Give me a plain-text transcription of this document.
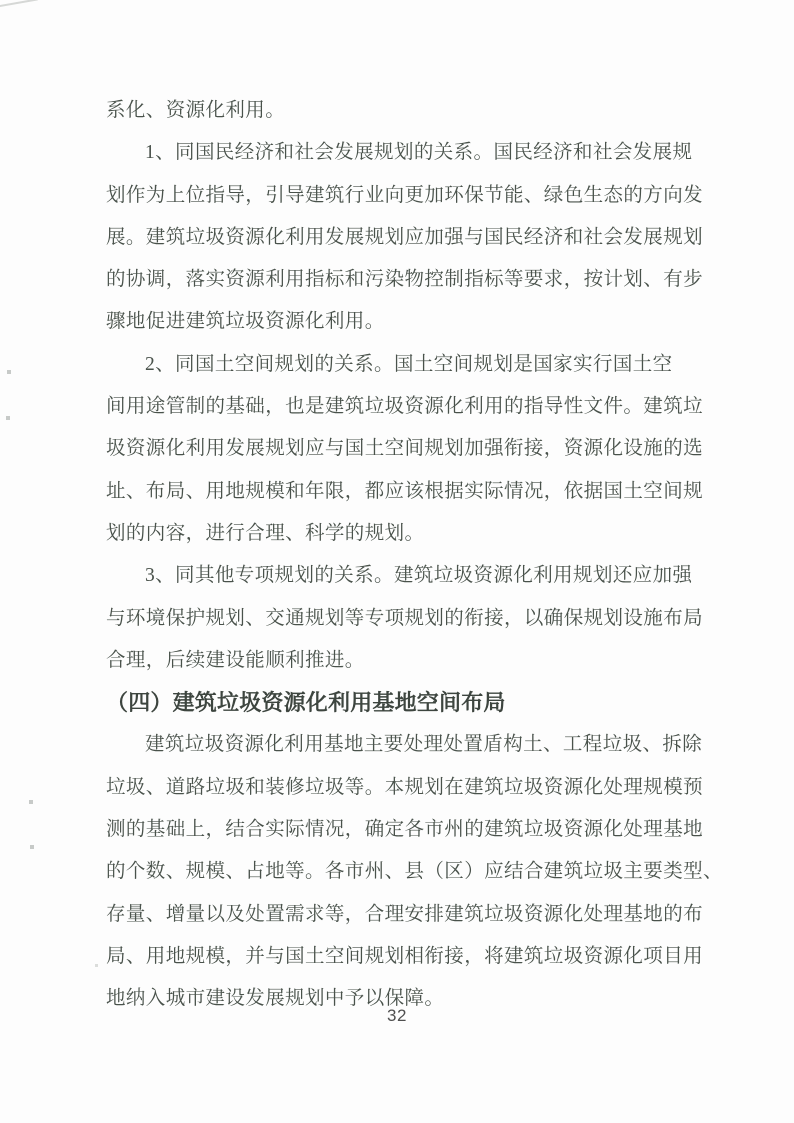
系化、资源化利用。
1、同国民经济和社会发展规划的关系。国民经济和社会发展规
划作为上位指导，引导建筑行业向更加环保节能、绿色生态的方向发
展。建筑垃圾资源化利用发展规划应加强与国民经济和社会发展规划
的协调，落实资源利用指标和污染物控制指标等要求，按计划、有步
骤地促进建筑垃圾资源化利用。
2、同国土空间规划的关系。国土空间规划是国家实行国土空
间用途管制的基础，也是建筑垃圾资源化利用的指导性文件。建筑垃
圾资源化利用发展规划应与国土空间规划加强衔接，资源化设施的选
址、布局、用地规模和年限，都应该根据实际情况，依据国土空间规
划的内容，进行合理、科学的规划。
3、同其他专项规划的关系。建筑垃圾资源化利用规划还应加强
与环境保护规划、交通规划等专项规划的衔接，以确保规划设施布局
合理，后续建设能顺利推进。
（四）建筑垃圾资源化利用基地空间布局
建筑垃圾资源化利用基地主要处理处置盾构土、工程垃圾、拆除
垃圾、道路垃圾和装修垃圾等。本规划在建筑垃圾资源化处理规模预
测的基础上，结合实际情况，确定各市州的建筑垃圾资源化处理基地
的个数、规模、占地等。各市州、县（区）应结合建筑垃圾主要类型、
存量、增量以及处置需求等，合理安排建筑垃圾资源化处理基地的布
局、用地规模，并与国土空间规划相衔接，将建筑垃圾资源化项目用
地纳入城市建设发展规划中予以保障。
32
